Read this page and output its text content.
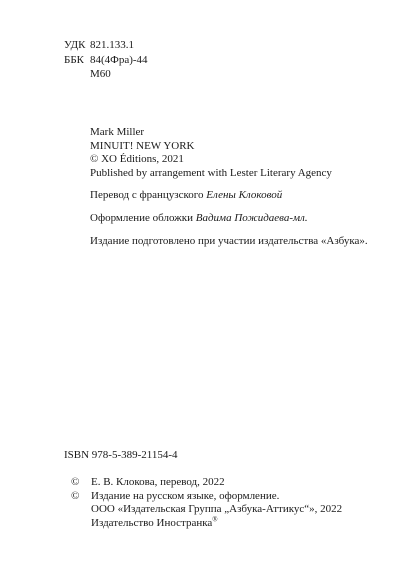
УДК 821.133.1
ББК 84(4Фра)-44
М60
Mark Miller
MINUIT! NEW YORK
© XO Éditions, 2021
Published by arrangement with Lester Literary Agency
Перевод с французского Елены Клоковой
Оформление обложки Вадима Пожидаева-мл.
Издание подготовлено при участии издательства «Азбука».
ISBN 978-5-389-21154-4
©	Е. В. Клокова, перевод, 2022
©	Издание на русском языке, оформление.
ООО «Издательская Группа „Азбука-Аттикус“», 2022
Издательство Иностранка®
